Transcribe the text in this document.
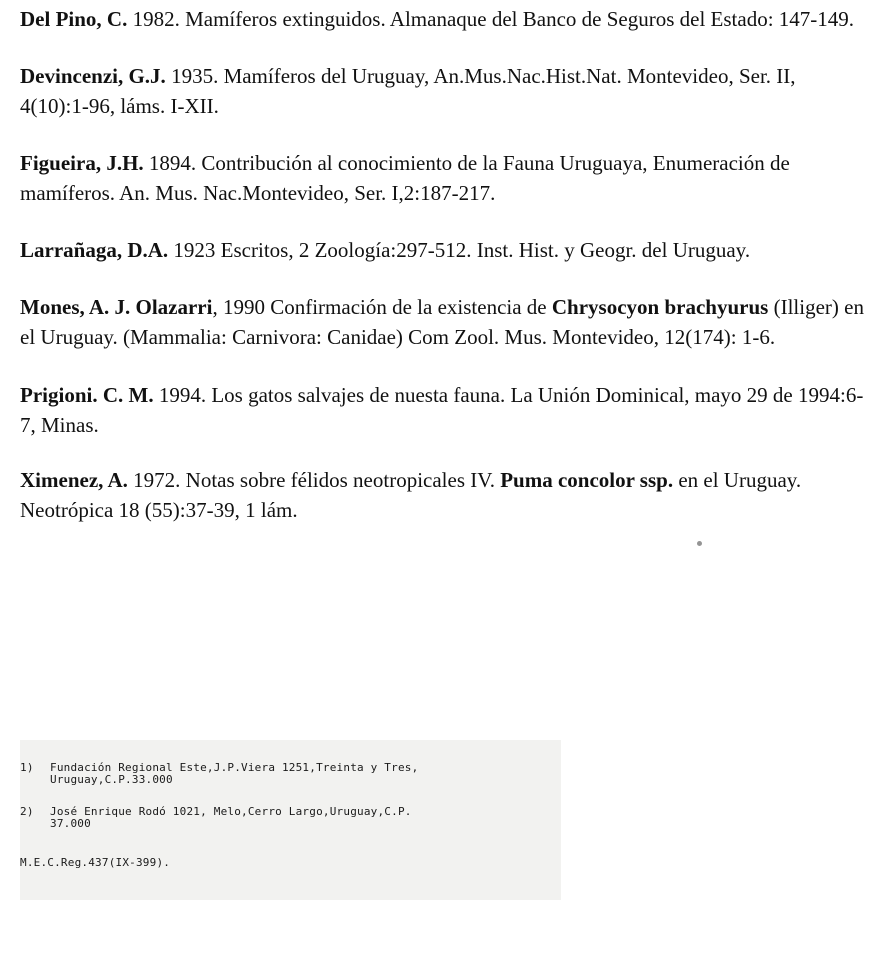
Del Pino, C. 1982. Mamíferos extinguidos. Almanaque del Banco de Seguros del Estado: 147-149.

Devincenzi, G.J. 1935. Mamíferos del Uruguay, An.Mus.Nac.Hist.Nat. Montevideo, Ser. II, 4(10):1-96, láms. I-XII.

Figueira, J.H. 1894. Contribución al conocimiento de la Fauna Uruguaya, Enumeración de mamíferos. An. Mus. Nac.Montevideo, Ser. I,2:187-217.

Larrañaga, D.A. 1923 Escritos, 2 Zoología:297-512. Inst. Hist. y Geogr. del Uruguay.

Mones, A. J. Olazarri, 1990 Confirmación de la existencia de Chrysocyon brachyurus (Illiger) en el Uruguay. (Mammalia: Carnivora: Canidae) Com Zool. Mus. Montevideo, 12(174): 1-6.

Prigioni. C. M. 1994. Los gatos salvajes de nuesta fauna. La Unión Dominical, mayo 29 de 1994:6-7, Minas.

Ximenez, A. 1972. Notas sobre félidos neotropicales IV. Puma concolor ssp. en el Uruguay. Neotrópica 18 (55):37-39, 1 lám.

1) Fundación Regional Este,J.P.Viera 1251,Treinta y Tres,
Uruguay,C.P.33.000
2) José Enrique Rodó 1021, Melo,Cerro Largo,Uruguay,C.P.
37.000
M.E.C.Reg.437(IX-399).
